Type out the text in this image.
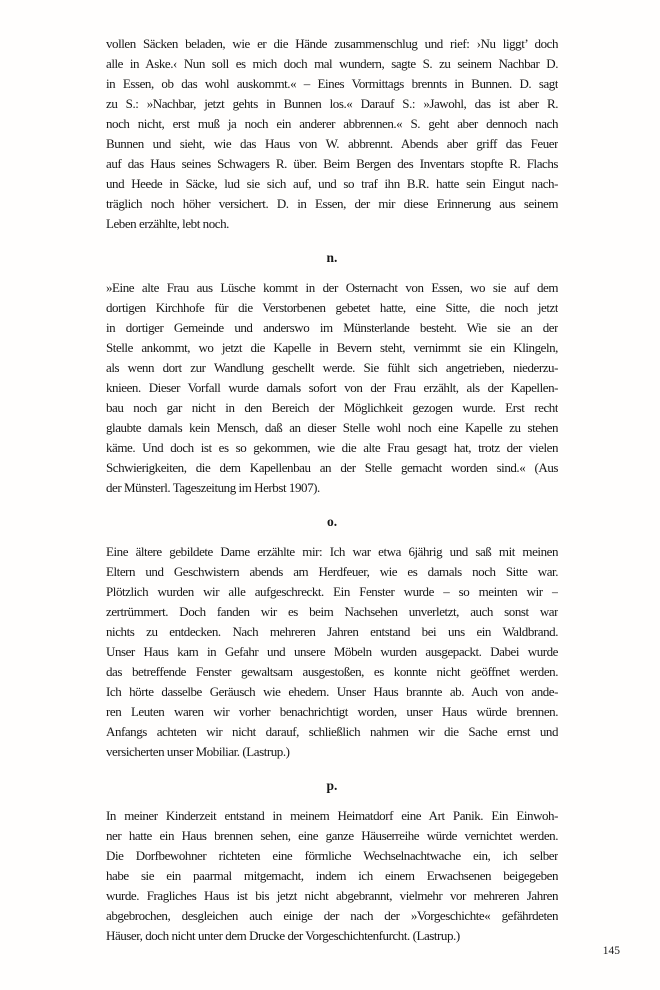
vollen Säcken beladen, wie er die Hände zusammenschlug und rief: ›Nu liggt’ doch
alle in Aske.‹ Nun soll es mich doch mal wundern, sagte S. zu seinem Nachbar D.
in Essen, ob das wohl auskommt.« – Eines Vormittags brennts in Bunnen. D. sagt
zu S.: »Nachbar, jetzt gehts in Bunnen los.« Darauf S.: »Jawohl, das ist aber R.
noch nicht, erst muß ja noch ein anderer abbrennen.« S. geht aber dennoch nach
Bunnen und sieht, wie das Haus von W. abbrennt. Abends aber griff das Feuer
auf das Haus seines Schwagers R. über. Beim Bergen des Inventars stopfte R. Flachs
und Heede in Säcke, lud sie sich auf, und so traf ihn B.R. hatte sein Eingut nach-
träglich noch höher versichert. D. in Essen, der mir diese Erinnerung aus seinem
Leben erzählte, lebt noch.
n.
»Eine alte Frau aus Lüsche kommt in der Osternacht von Essen, wo sie auf dem
dortigen Kirchhofe für die Verstorbenen gebetet hatte, eine Sitte, die noch jetzt
in dortiger Gemeinde und anderswo im Münsterlande besteht. Wie sie an der
Stelle ankommt, wo jetzt die Kapelle in Bevern steht, vernimmt sie ein Klingeln,
als wenn dort zur Wandlung geschellt werde. Sie fühlt sich angetrieben, niederzu-
knieen. Dieser Vorfall wurde damals sofort von der Frau erzählt, als der Kapellen-
bau noch gar nicht in den Bereich der Möglichkeit gezogen wurde. Erst recht
glaubte damals kein Mensch, daß an dieser Stelle wohl noch eine Kapelle zu stehen
käme. Und doch ist es so gekommen, wie die alte Frau gesagt hat, trotz der vielen
Schwierigkeiten, die dem Kapellenbau an der Stelle gemacht worden sind.« (Aus
der Münsterl. Tageszeitung im Herbst 1907).
o.
Eine ältere gebildete Dame erzählte mir: Ich war etwa 6jährig und saß mit meinen
Eltern und Geschwistern abends am Herdfeuer, wie es damals noch Sitte war.
Plötzlich wurden wir alle aufgeschreckt. Ein Fenster wurde – so meinten wir –
zertrümmert. Doch fanden wir es beim Nachsehen unverletzt, auch sonst war
nichts zu entdecken. Nach mehreren Jahren entstand bei uns ein Waldbrand.
Unser Haus kam in Gefahr und unsere Möbeln wurden ausgepackt. Dabei wurde
das betreffende Fenster gewaltsam ausgestoßen, es konnte nicht geöffnet werden.
Ich hörte dasselbe Geräusch wie ehedem. Unser Haus brannte ab. Auch von ande-
ren Leuten waren wir vorher benachrichtigt worden, unser Haus würde brennen.
Anfangs achteten wir nicht darauf, schließlich nahmen wir die Sache ernst und
versicherten unser Mobiliar. (Lastrup.)
p.
In meiner Kinderzeit entstand in meinem Heimatdorf eine Art Panik. Ein Einwoh-
ner hatte ein Haus brennen sehen, eine ganze Häuserreihe würde vernichtet werden.
Die Dorfbewohner richteten eine förmliche Wechselnachtwache ein, ich selber
habe sie ein paarmal mitgemacht, indem ich einem Erwachsenen beigegeben
wurde. Fragliches Haus ist bis jetzt nicht abgebrannt, vielmehr vor mehreren Jahren
abgebrochen, desgleichen auch einige der nach der »Vorgeschichte« gefährdeten
Häuser, doch nicht unter dem Drucke der Vorgeschichtenfurcht. (Lastrup.)
145
